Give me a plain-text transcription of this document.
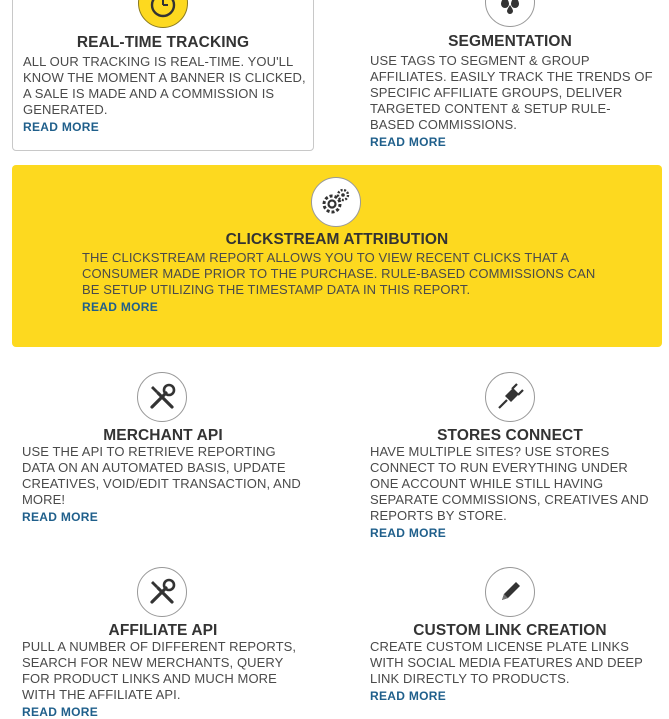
REAL-TIME TRACKING
ALL OUR TRACKING IS REAL-TIME. YOU'LL KNOW THE MOMENT A BANNER IS CLICKED, A SALE IS MADE AND A COMMISSION IS GENERATED.
READ MORE
SEGMENTATION
USE TAGS TO SEGMENT & GROUP AFFILIATES. EASILY TRACK THE TRENDS OF SPECIFIC AFFILIATE GROUPS, DELIVER TARGETED CONTENT & SETUP RULE-BASED COMMISSIONS.
READ MORE
CLICKSTREAM ATTRIBUTION
THE CLICKSTREAM REPORT ALLOWS YOU TO VIEW RECENT CLICKS THAT A CONSUMER MADE PRIOR TO THE PURCHASE. RULE-BASED COMMISSIONS CAN BE SETUP UTILIZING THE TIMESTAMP DATA IN THIS REPORT.
READ MORE
MERCHANT API
USE THE API TO RETRIEVE REPORTING DATA ON AN AUTOMATED BASIS, UPDATE CREATIVES, VOID/EDIT TRANSACTION, AND MORE!
READ MORE
STORES CONNECT
HAVE MULTIPLE SITES? USE STORES CONNECT TO RUN EVERYTHING UNDER ONE ACCOUNT WHILE STILL HAVING SEPARATE COMMISSIONS, CREATIVES AND REPORTS BY STORE.
READ MORE
AFFILIATE API
PULL A NUMBER OF DIFFERENT REPORTS, SEARCH FOR NEW MERCHANTS, QUERY FOR PRODUCT LINKS AND MUCH MORE WITH THE AFFILIATE API.
READ MORE
CUSTOM LINK CREATION
CREATE CUSTOM LICENSE PLATE LINKS WITH SOCIAL MEDIA FEATURES AND DEEP LINK DIRECTLY TO PRODUCTS.
READ MORE
